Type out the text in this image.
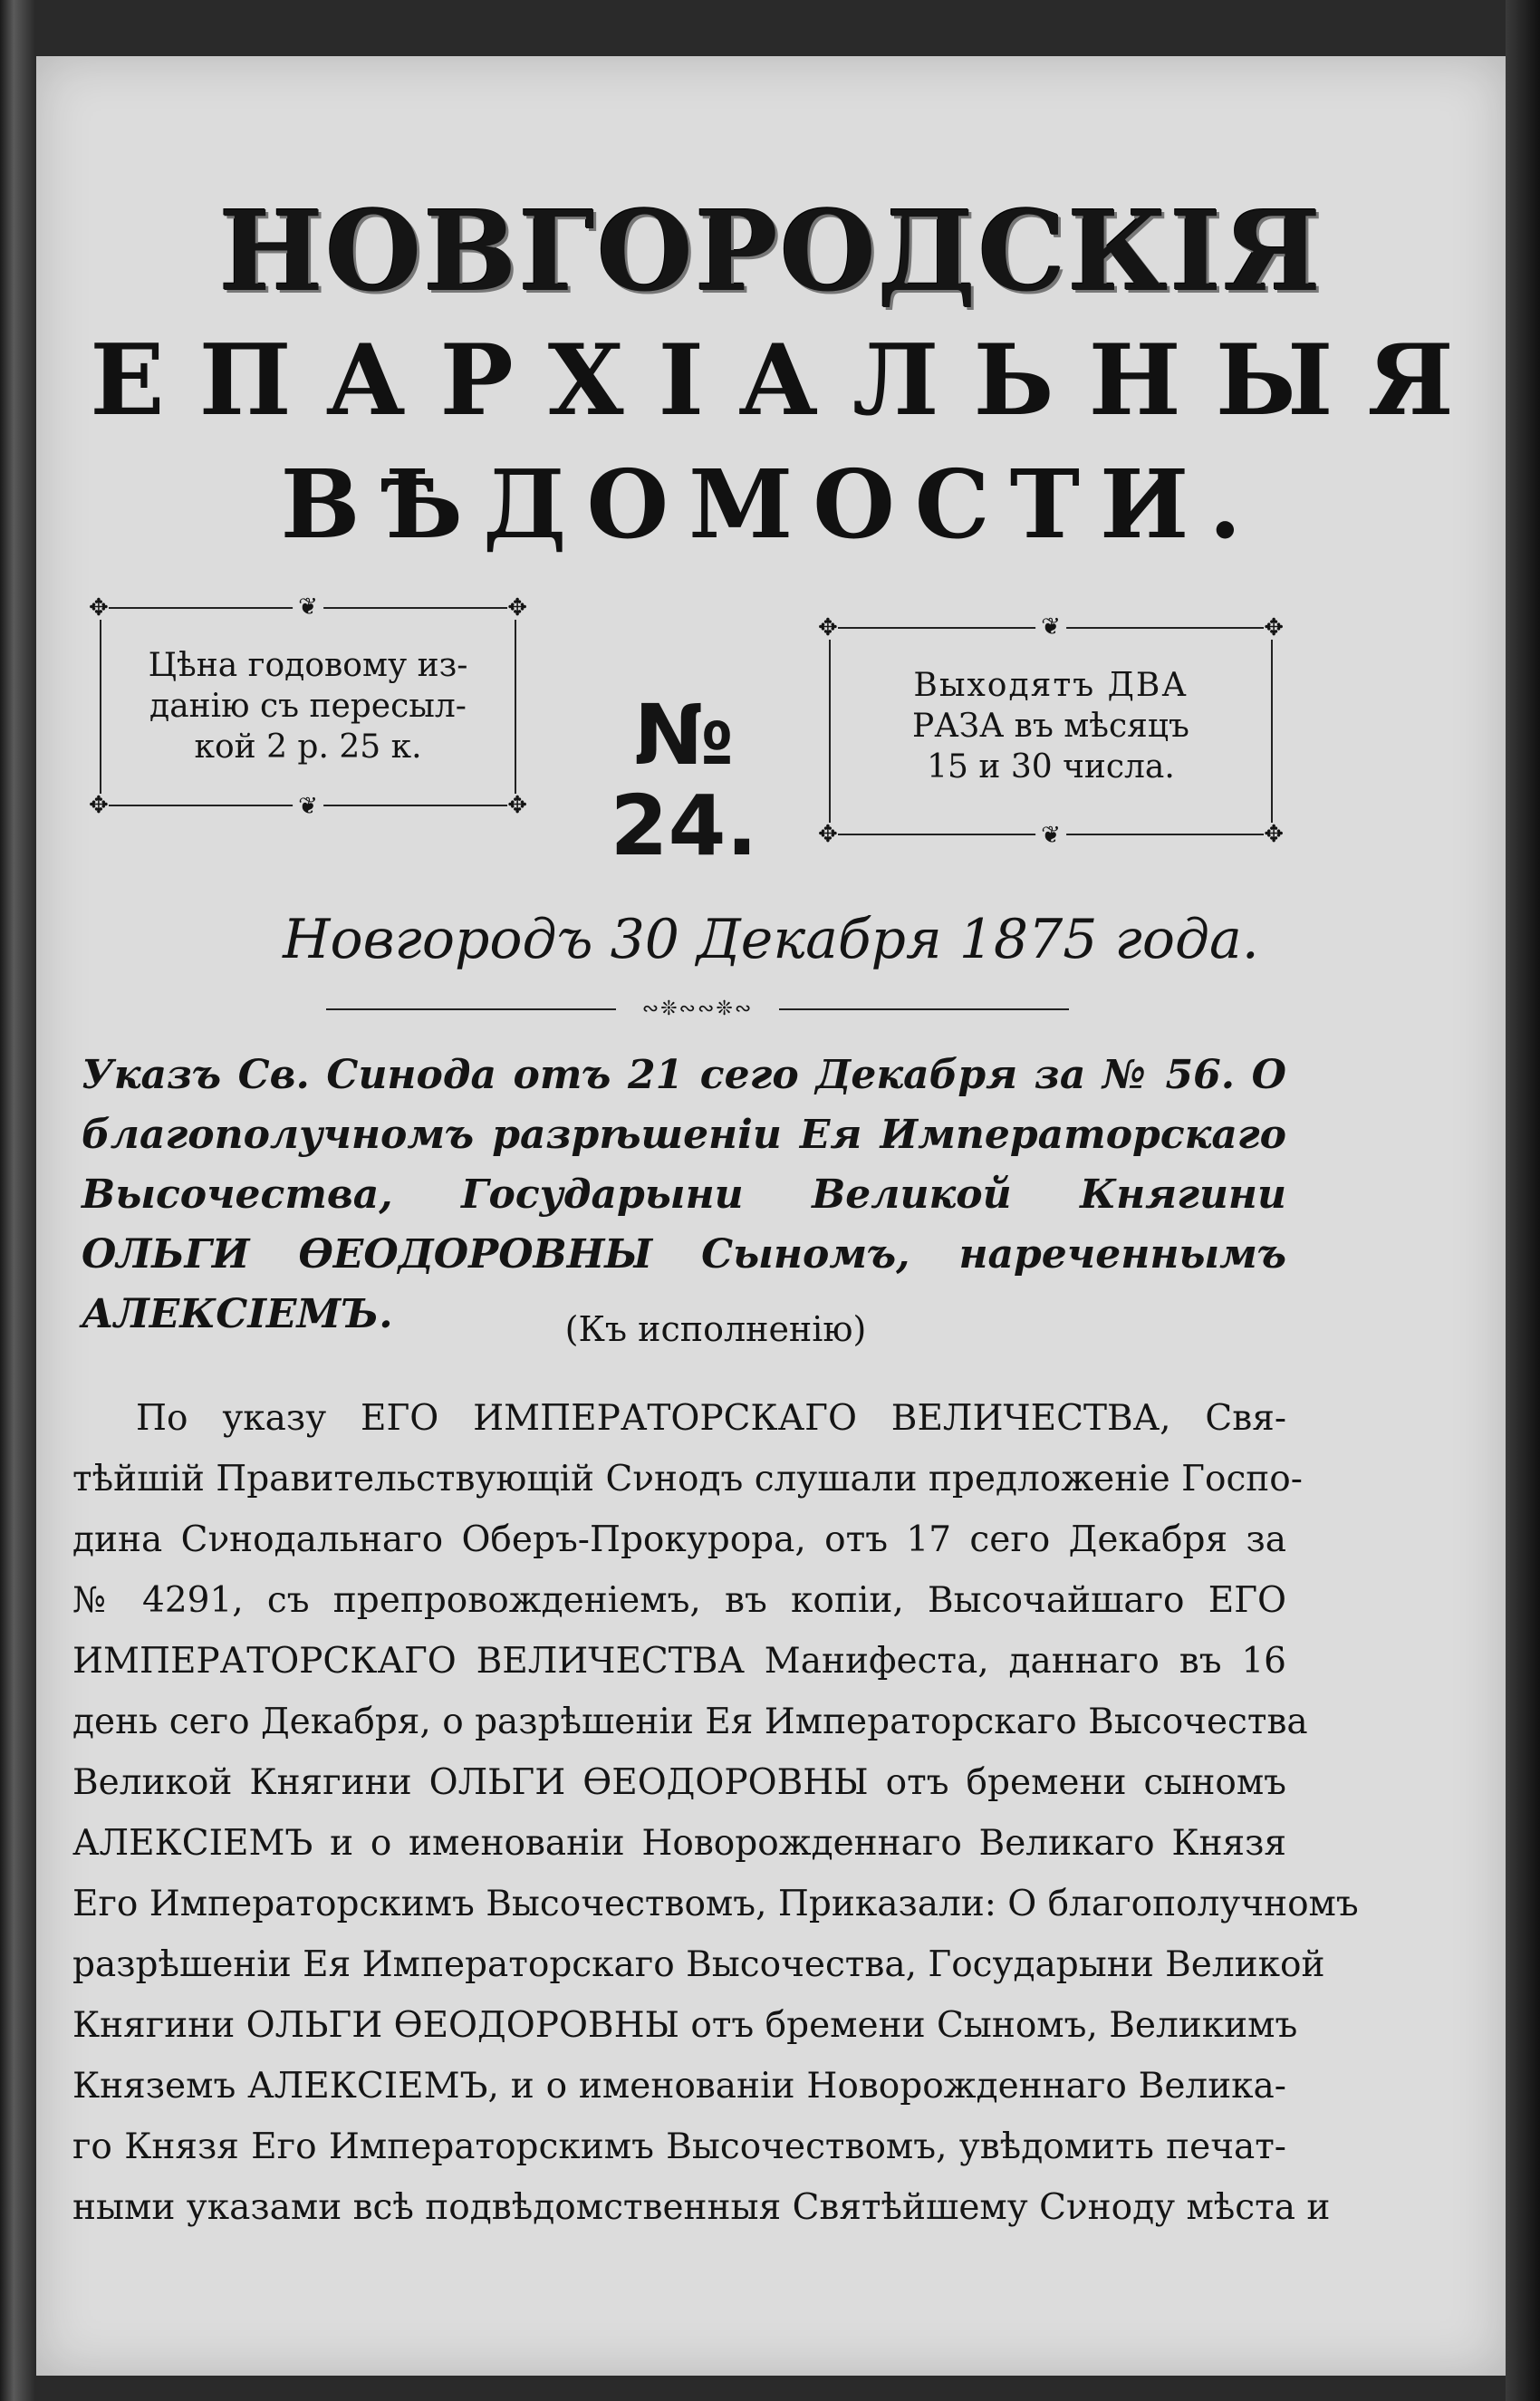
НОВГОРОДСКІЯ
ЕПАРХІАЛЬНЫЯ
ВѢДОМОСТИ.
❦
✥	✥
✥	✥
Цѣна годовому из-
данію съ пересыл-
кой 2 р. 25 к.
❦
№ 24.
❦
✥	✥
✥	✥
Выходятъ ДВА
РАЗА въ мѣсяцъ
15 и 30 числа.
❦
Новгородъ 30 Декабря 1875 года.
∾❊∾∾❊∾
Указъ Св. Синода отъ 21 сего Декабря за № 56. О благополучномъ разрѣшеніи Ея Императорскаго Высочества, Государыни Великой Княгини ОЛЬГИ ѲЕОДОРОВНЫ Сыномъ, нареченнымъ АЛЕКСІЕМЪ.	(Къ исполненію)
По указу ЕГО ИМПЕРАТОРСКАГО ВЕЛИЧЕСТВА, Свя-
тѣйшій Правительствующій Сνнодъ слушали предложеніе Госпо-
дина Сνнодальнаго Оберъ-Прокурора, отъ 17 сего Декабря за
№ 4291, съ препровожденіемъ, въ копіи, Высочайшаго ЕГО
ИМПЕРАТОРСКАГО ВЕЛИЧЕСТВА Манифеста, даннаго въ 16
день сего Декабря, о разрѣшеніи Ея Императорскаго Высочества
Великой Княгини ОЛЬГИ ѲЕОДОРОВНЫ отъ бремени сыномъ
АЛЕКСІЕМЪ и о именованіи Новорожденнаго Великаго Князя
Его Императорскимъ Высочествомъ, Приказали: О благополучномъ
разрѣшеніи Ея Императорскаго Высочества, Государыни Великой
Княгини ОЛЬГИ ѲЕОДОРОВНЫ отъ бремени Сыномъ, Великимъ
Княземъ АЛЕКСІЕМЪ, и о именованіи Новорожденнаго Велика-
го Князя Его Императорскимъ Высочествомъ, увѣдомить печат-
ными указами всѣ подвѣдомственныя Святѣйшему Сνноду мѣста и
